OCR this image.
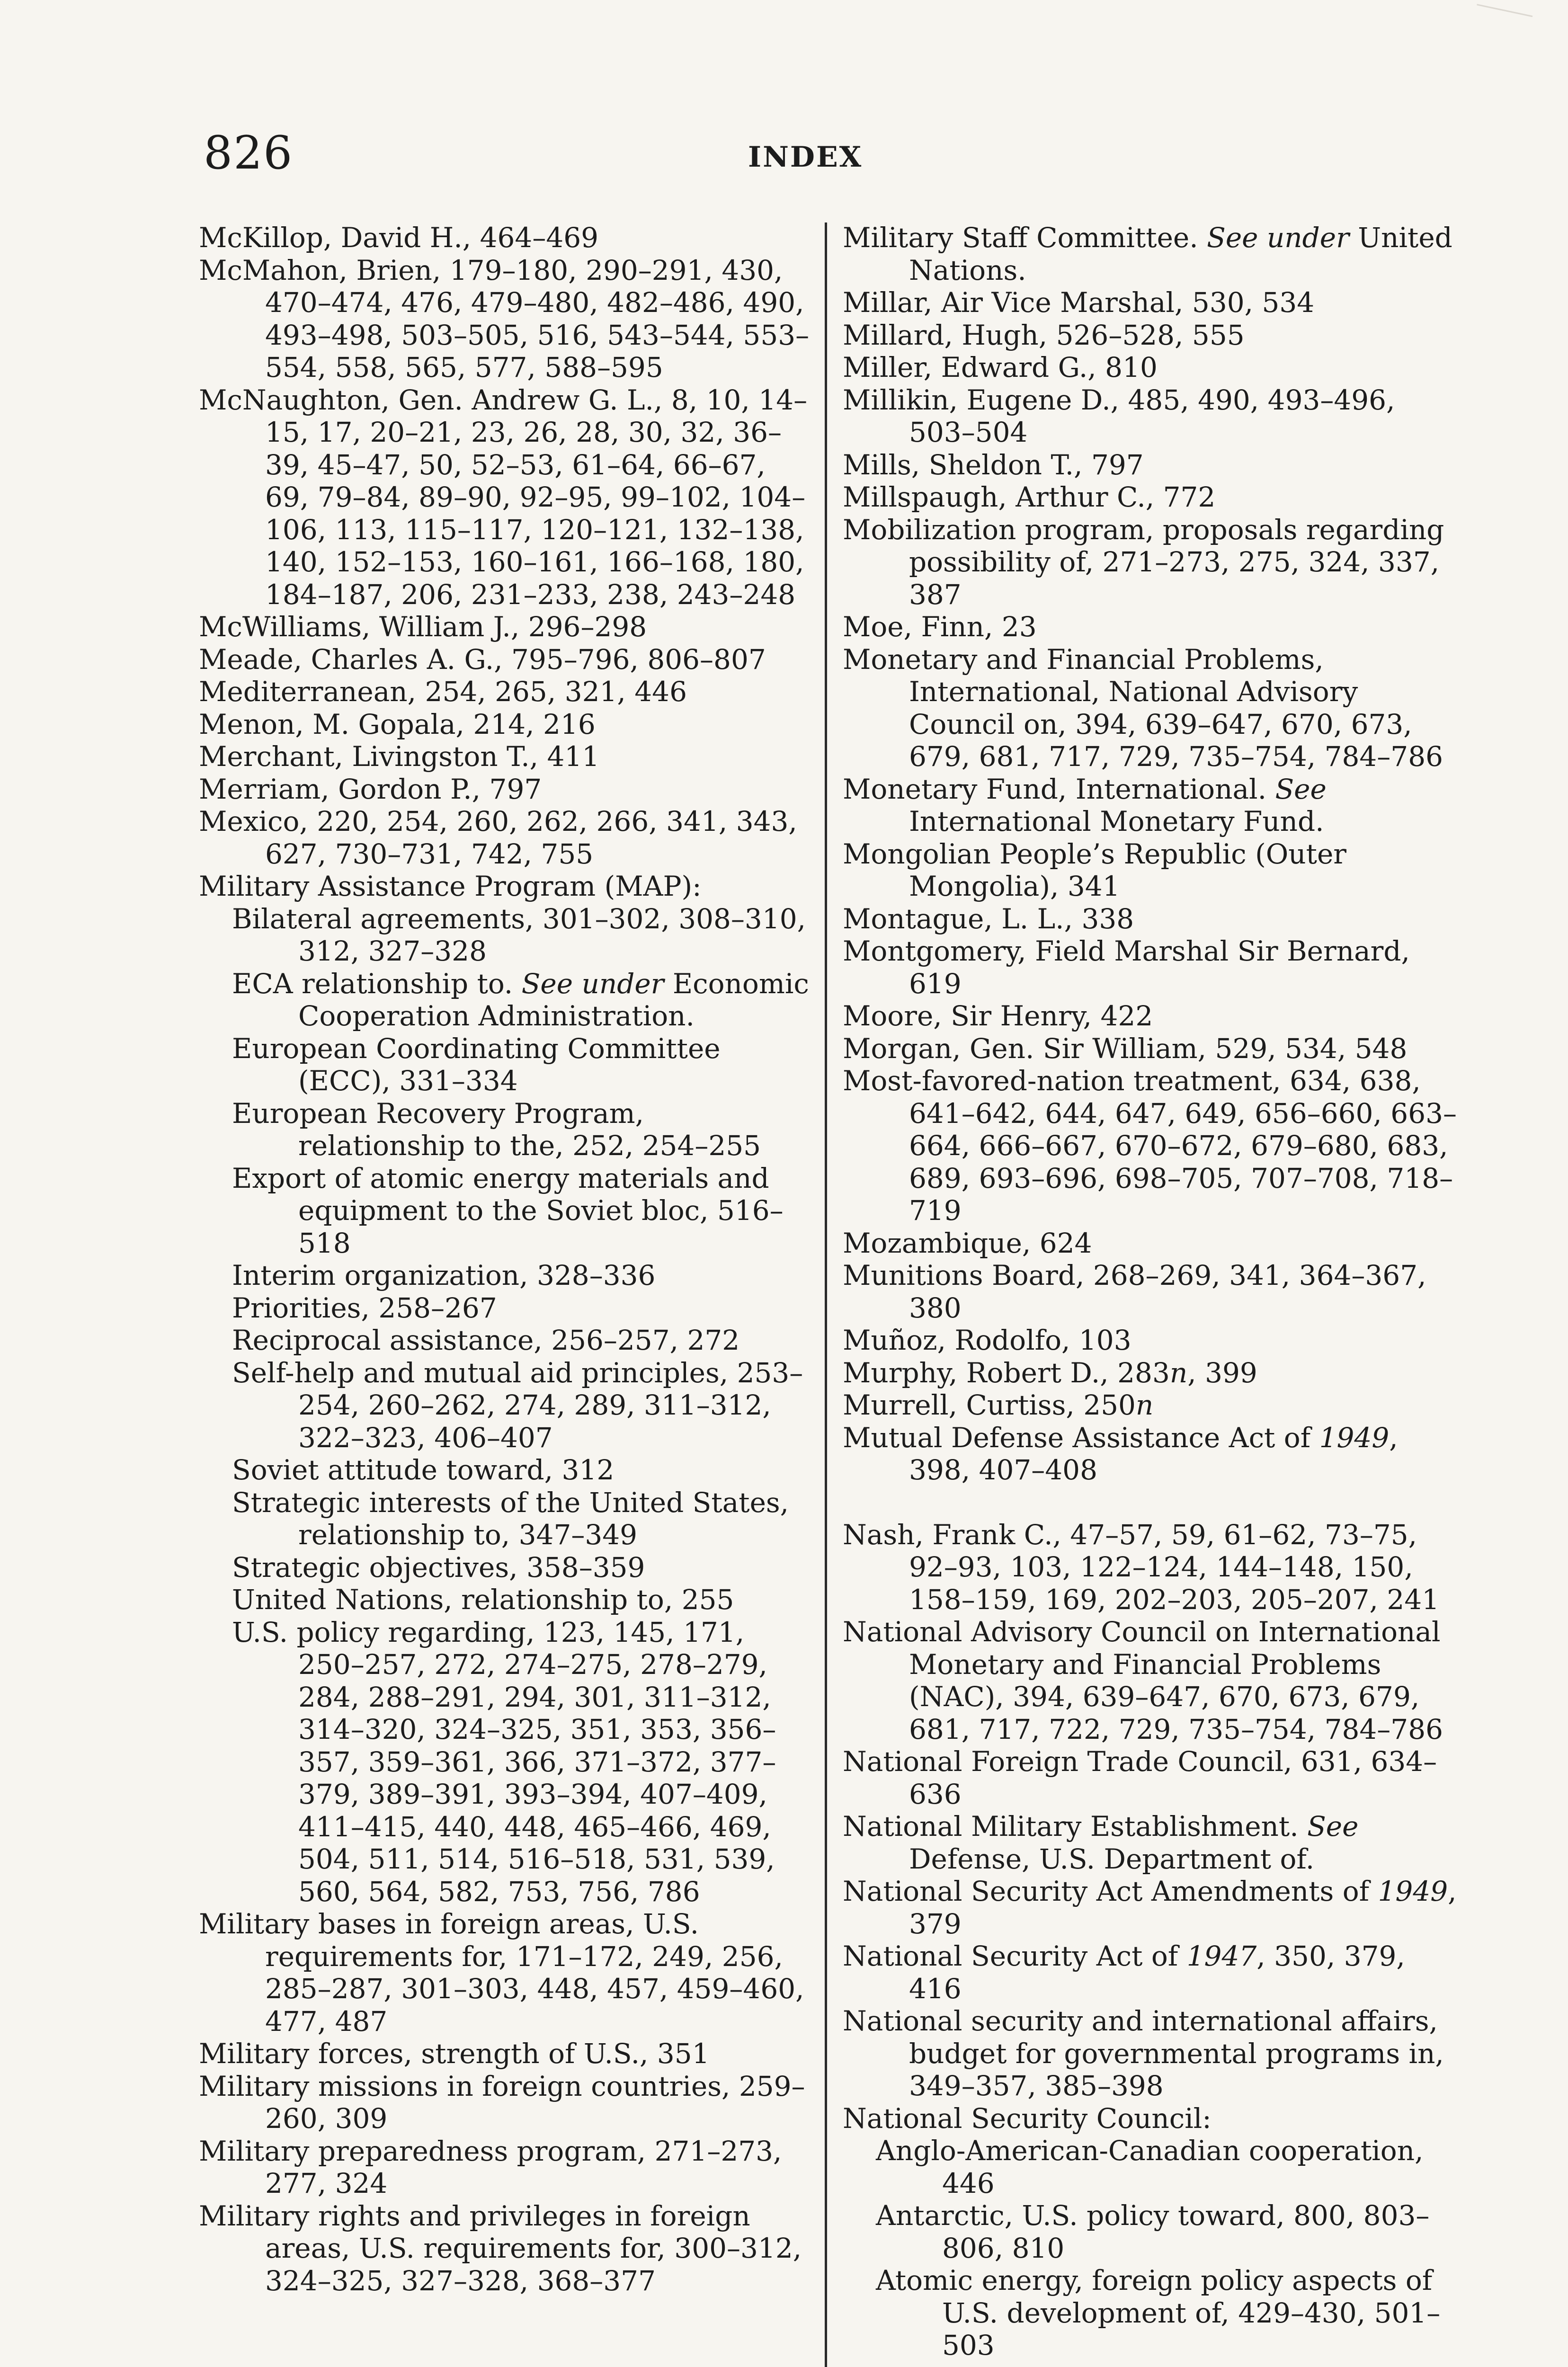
826	INDEX

McKillop, David H., 464–469

McMahon, Brien, 179–180, 290–291, 430, 470–474, 476, 479–480, 482–486, 490, 493–498, 503–505, 516, 543–544, 553–554, 558, 565, 577, 588–595

McNaughton, Gen. Andrew G. L., 8, 10, 14–15, 17, 20–21, 23, 26, 28, 30, 32, 36–39, 45–47, 50, 52–53, 61–64, 66–67, 69, 79–84, 89–90, 92–95, 99–102, 104–106, 113, 115–117, 120–121, 132–138, 140, 152–153, 160–161, 166–168, 180, 184–187, 206, 231–233, 238, 243–248

McWilliams, William J., 296–298

Meade, Charles A. G., 795–796, 806–807

Mediterranean, 254, 265, 321, 446

Menon, M. Gopala, 214, 216

Merchant, Livingston T., 411

Merriam, Gordon P., 797

Mexico, 220, 254, 260, 262, 266, 341, 343, 627, 730–731, 742, 755

Military Assistance Program (MAP):

Bilateral agreements, 301–302, 308–310, 312, 327–328

ECA relationship to. See under Economic Cooperation Administration.

European Coordinating Committee (ECC), 331–334

European Recovery Program, relationship to the, 252, 254–255

Export of atomic energy materials and equipment to the Soviet bloc, 516–518

Interim organization, 328–336

Priorities, 258–267

Reciprocal assistance, 256–257, 272

Self-help and mutual aid principles, 253–254, 260–262, 274, 289, 311–312, 322–323, 406–407

Soviet attitude toward, 312

Strategic interests of the United States, relationship to, 347–349

Strategic objectives, 358–359

United Nations, relationship to, 255

U.S. policy regarding, 123, 145, 171, 250–257, 272, 274–275, 278–279, 284, 288–291, 294, 301, 311–312, 314–320, 324–325, 351, 353, 356–357, 359–361, 366, 371–372, 377–379, 389–391, 393–394, 407–409, 411–415, 440, 448, 465–466, 469, 504, 511, 514, 516–518, 531, 539, 560, 564, 582, 753, 756, 786

Military bases in foreign areas, U.S. requirements for, 171–172, 249, 256, 285–287, 301–303, 448, 457, 459–460, 477, 487

Military forces, strength of U.S., 351

Military missions in foreign countries, 259–260, 309

Military preparedness program, 271–273, 277, 324

Military rights and privileges in foreign areas, U.S. requirements for, 300–312, 324–325, 327–328, 368–377

Military Staff Committee. See under United Nations.

Millar, Air Vice Marshal, 530, 534

Millard, Hugh, 526–528, 555

Miller, Edward G., 810

Millikin, Eugene D., 485, 490, 493–496, 503–504

Mills, Sheldon T., 797

Millspaugh, Arthur C., 772

Mobilization program, proposals regarding possibility of, 271–273, 275, 324, 337, 387

Moe, Finn, 23

Monetary and Financial Problems, International, National Advisory Council on, 394, 639–647, 670, 673, 679, 681, 717, 729, 735–754, 784–786

Monetary Fund, International. See International Monetary Fund.

Mongolian People’s Republic (Outer Mongolia), 341

Montague, L. L., 338

Montgomery, Field Marshal Sir Bernard, 619

Moore, Sir Henry, 422

Morgan, Gen. Sir William, 529, 534, 548

Most-favored-nation treatment, 634, 638, 641–642, 644, 647, 649, 656–660, 663–664, 666–667, 670–672, 679–680, 683, 689, 693–696, 698–705, 707–708, 718–719

Mozambique, 624

Munitions Board, 268–269, 341, 364–367, 380

Muñoz, Rodolfo, 103

Murphy, Robert D., 283n, 399

Murrell, Curtiss, 250n

Mutual Defense Assistance Act of 1949, 398, 407–408

Nash, Frank C., 47–57, 59, 61–62, 73–75, 92–93, 103, 122–124, 144–148, 150, 158–159, 169, 202–203, 205–207, 241

National Advisory Council on International Monetary and Financial Problems (NAC), 394, 639–647, 670, 673, 679, 681, 717, 722, 729, 735–754, 784–786

National Foreign Trade Council, 631, 634–636

National Military Establishment. See Defense, U.S. Department of.

National Security Act Amendments of 1949, 379

National Security Act of 1947, 350, 379, 416

National security and international affairs, budget for governmental programs in, 349–357, 385–398

National Security Council:

Anglo-American-Canadian cooperation, 446

Antarctic, U.S. policy toward, 800, 803–806, 810

Atomic energy, foreign policy aspects of U.S. development of, 429–430, 501–503
